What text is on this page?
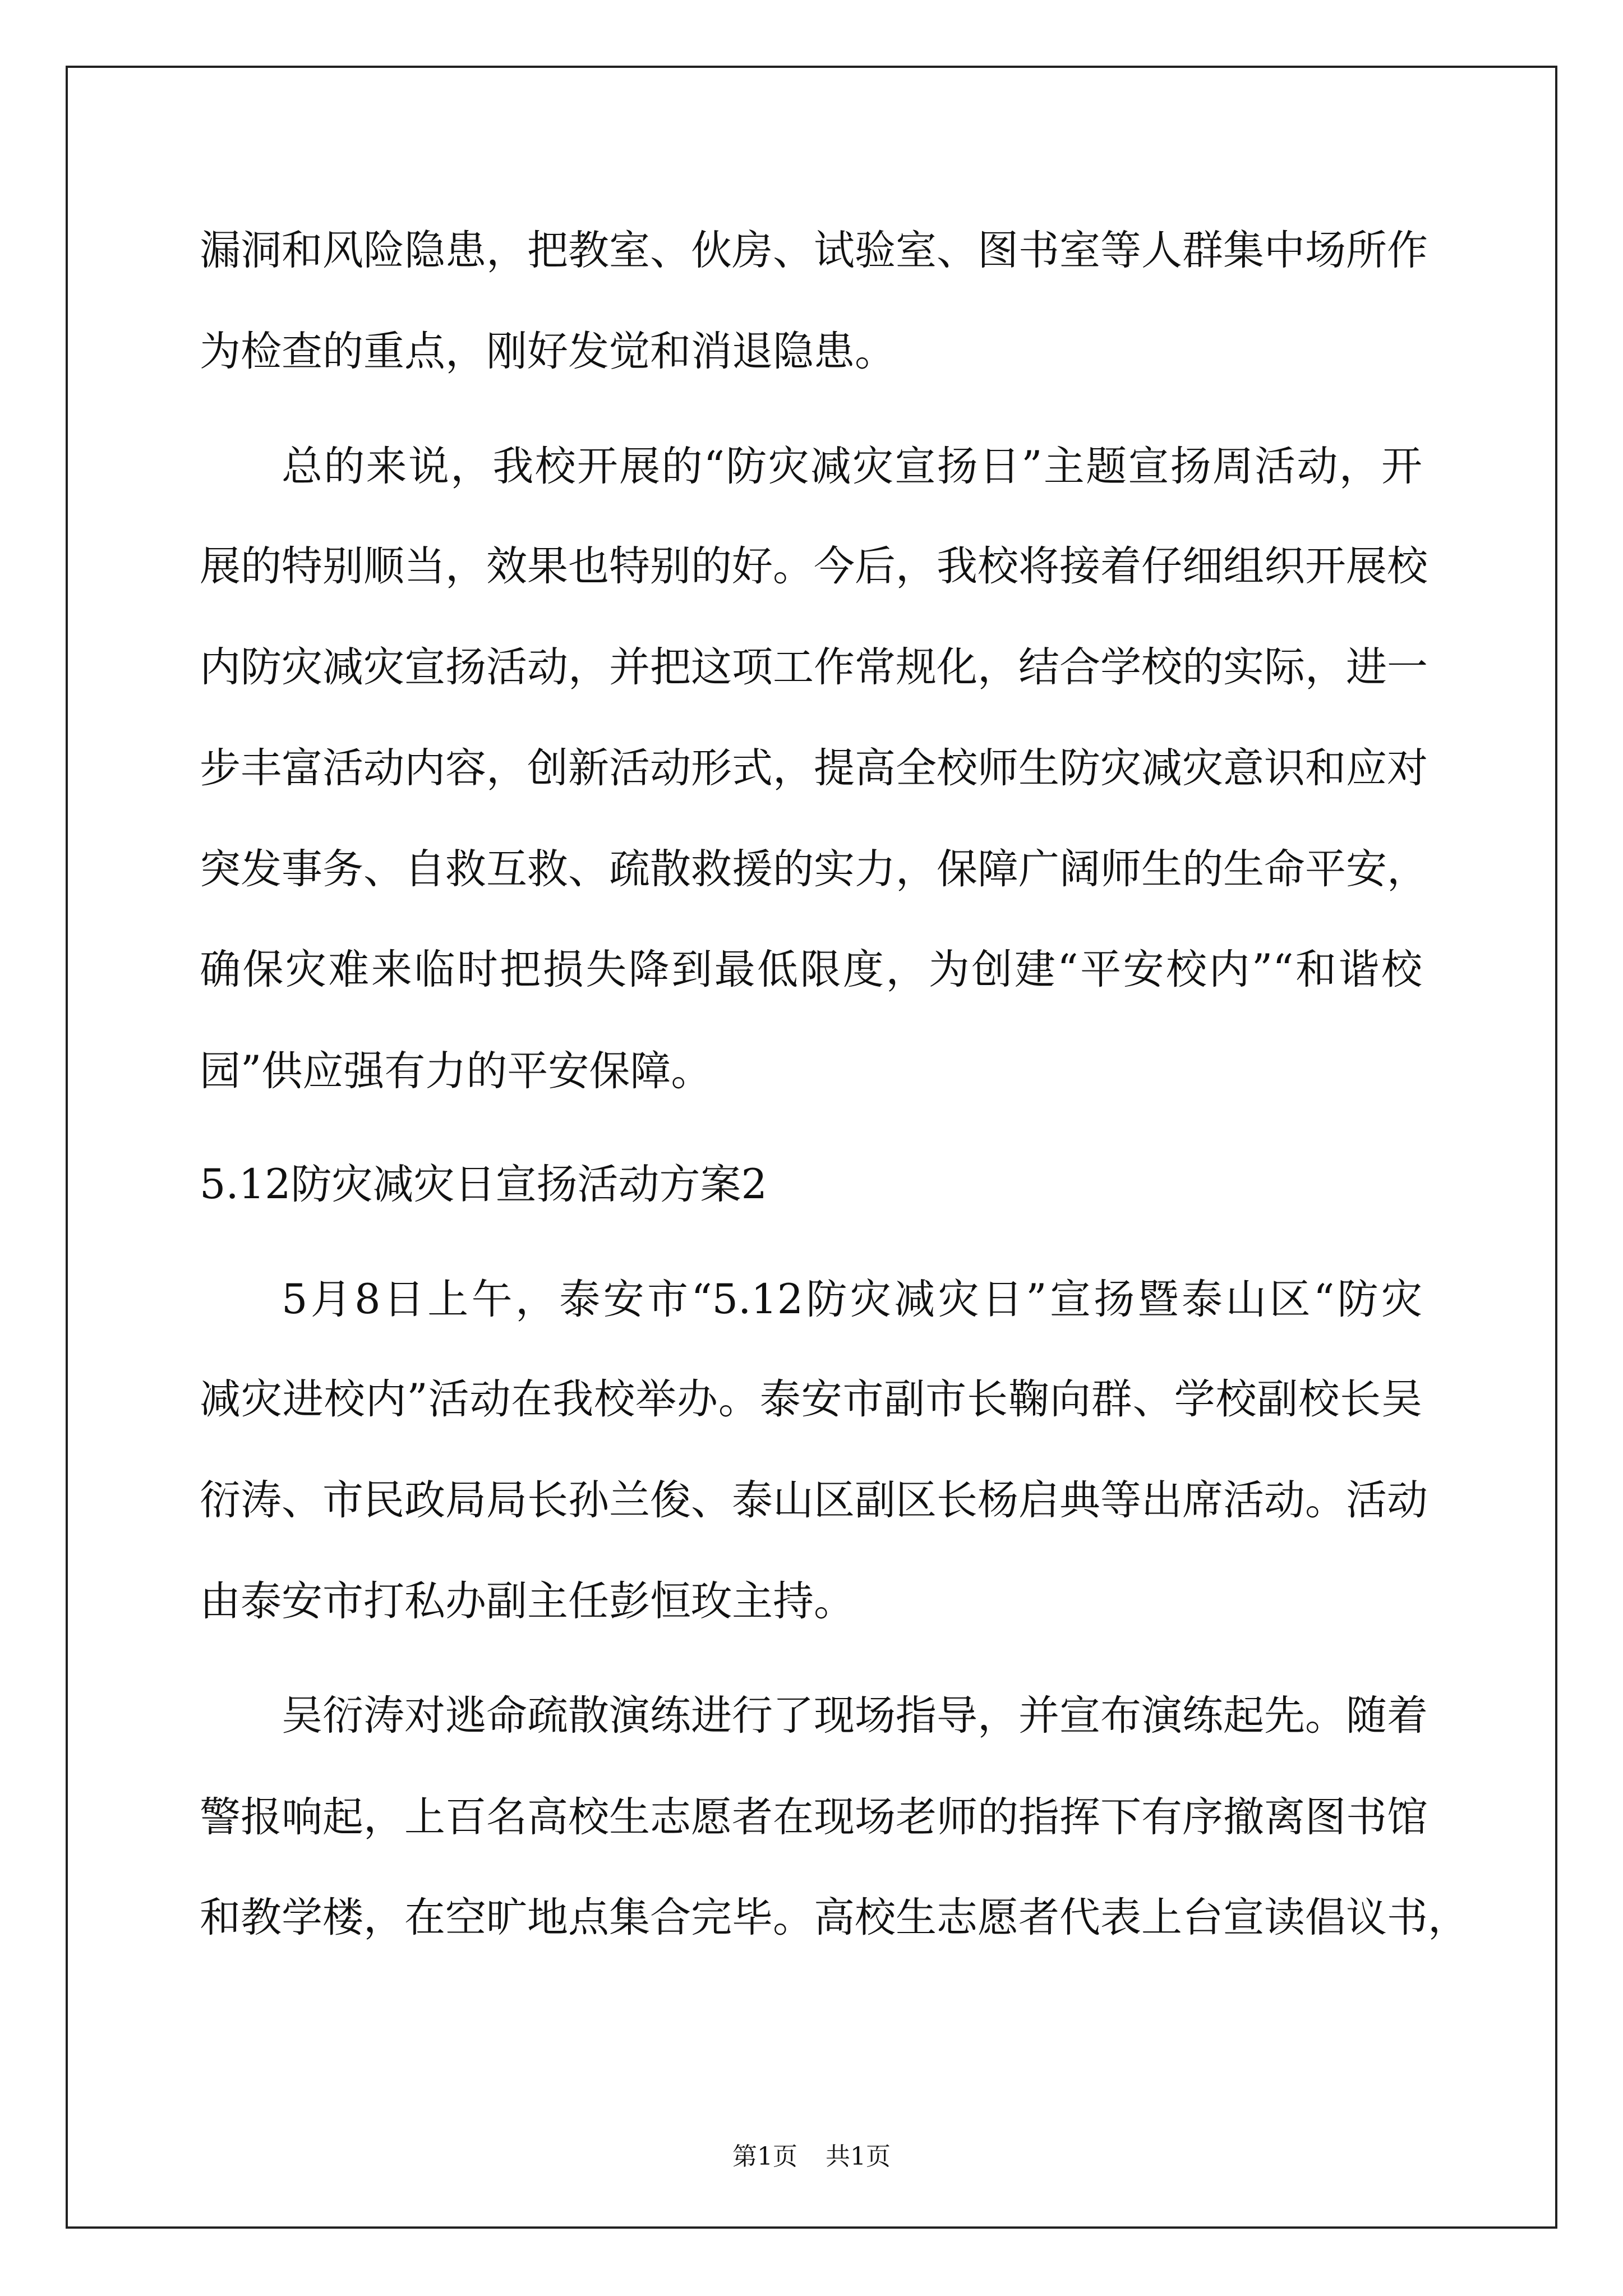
漏洞和风险隐患，把教室、伙房、试验室、图书室等人群集中场所作

为检查的重点，刚好发觉和消退隐患。

总的来说，我校开展的“防灾减灾宣扬日”主题宣扬周活动，开

展的特别顺当，效果也特别的好。今后，我校将接着仔细组织开展校

内防灾减灾宣扬活动，并把这项工作常规化，结合学校的实际，进一

步丰富活动内容，创新活动形式，提高全校师生防灾减灾意识和应对

突发事务、自救互救、疏散救援的实力，保障广阔师生的生命平安，

确保灾难来临时把损失降到最低限度，为创建“平安校内”“和谐校

园”供应强有力的平安保障。

5.12防灾减灾日宣扬活动方案2

5月8日上午，泰安市“5.12防灾减灾日”宣扬暨泰山区“防灾

减灾进校内”活动在我校举办。泰安市副市长鞠向群、学校副校长吴

衍涛、市民政局局长孙兰俊、泰山区副区长杨启典等出席活动。活动

由泰安市打私办副主任彭恒玫主持。

吴衍涛对逃命疏散演练进行了现场指导，并宣布演练起先。随着

警报响起，上百名高校生志愿者在现场老师的指挥下有序撤离图书馆

和教学楼，在空旷地点集合完毕。高校生志愿者代表上台宣读倡议书，

第1页 共1页
